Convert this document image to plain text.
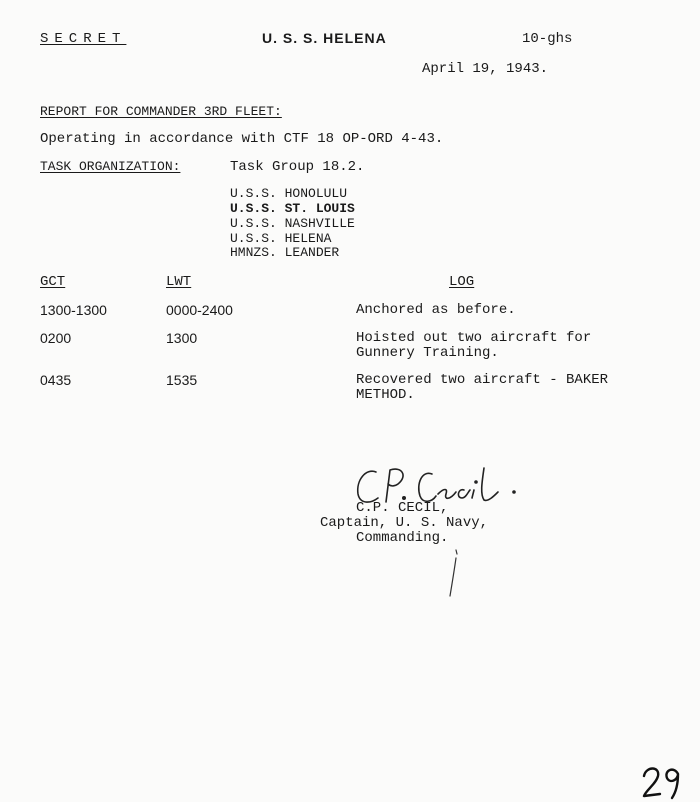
SECRET	U. S. S. HELENA	10-ghs
April 19, 1943.
REPORT FOR COMMANDER 3RD FLEET:
Operating in accordance with CTF 18 OP-ORD 4-43.
TASK ORGANIZATION:	Task Group 18.2.
U.S.S. HONOLULU
U.S.S. ST. LOUIS
U.S.S. NASHVILLE
U.S.S. HELENA
HMNZS. LEANDER
GCT	LWT	LOG
1300-1300	0000-2400	Anchored as before.
0200	1300	Hoisted out two aircraft for
Gunnery Training.
0435	1535	Recovered two aircraft - BAKER
METHOD.
C.P. CECIL,
Captain, U. S. Navy,
Commanding.
